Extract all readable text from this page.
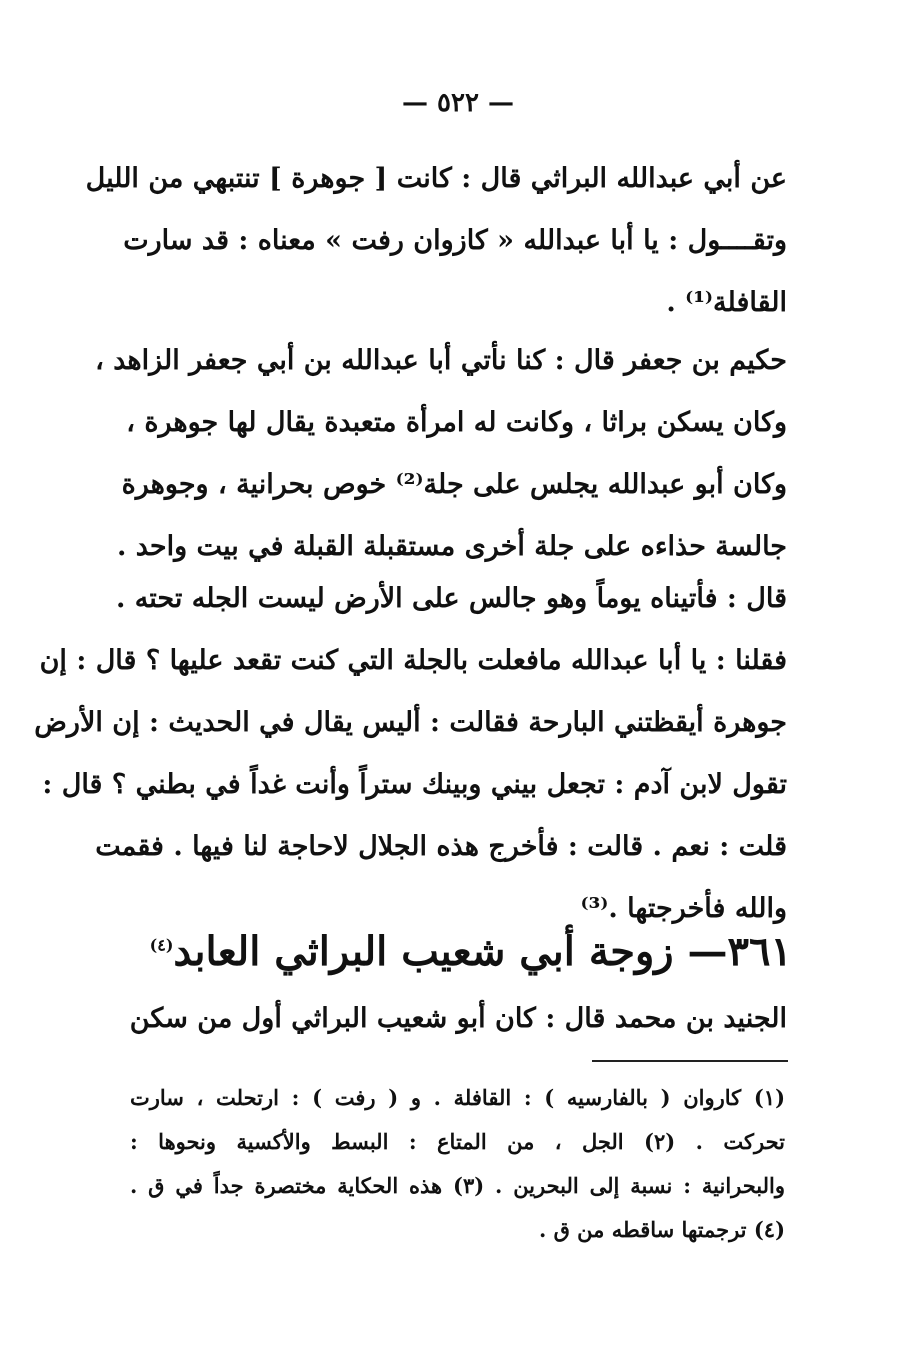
— ٥٢٢ —
عن أبي عبدالله البراثي قال : كانت [ جوهرة ] تنتبهي من الليل
وتقــــول : يا أبا عبدالله « كازوان رفت » معناه : قد سارت
القافلة⁽¹⁾ .
حكيم بن جعفر قال : كنا نأتي أبا عبدالله بن أبي جعفر الزاهد ،
وكان يسكن براثا ، وكانت له امرأة متعبدة يقال لها جوهرة ،
وكان أبو عبدالله يجلس على جلة⁽²⁾ خوص بحرانية ، وجوهرة
جالسة حذاءه على جلة أخرى مستقبلة القبلة في بيت واحد .
قال : فأتيناه يوماً وهو جالس على الأرض ليست الجله تحته .
فقلنا : يا أبا عبدالله مافعلت بالجلة التي كنت تقعد عليها ؟ قال : إن
جوهرة أيقظتني البارحة فقالت : أليس يقال في الحديث : إن الأرض
تقول لابن آدم : تجعل بيني وبينك ستراً وأنت غداً في بطني ؟ قال :
قلت : نعم . قالت : فأخرج هذه الجلال لاحاجة لنا فيها . فقمت
والله فأخرجتها .⁽³⁾
٣٦١— زوجة أبي شعيب البراثي العابد$^{(٤)}$
الجنيد بن محمد قال : كان أبو شعيب البراثي أول من سكن
(١) كاروان ( بالفارسيه ) : القافلة . و ( رفت ) : ارتحلت ، سارت
تحركت . (٢) الجل ، من المتاع : البسط والأكسية ونحوها :
والبحرانية : نسبة إلى البحرين . (٣) هذه الحكاية مختصرة جداً في ق .
(٤) ترجمتها ساقطه من ق .
